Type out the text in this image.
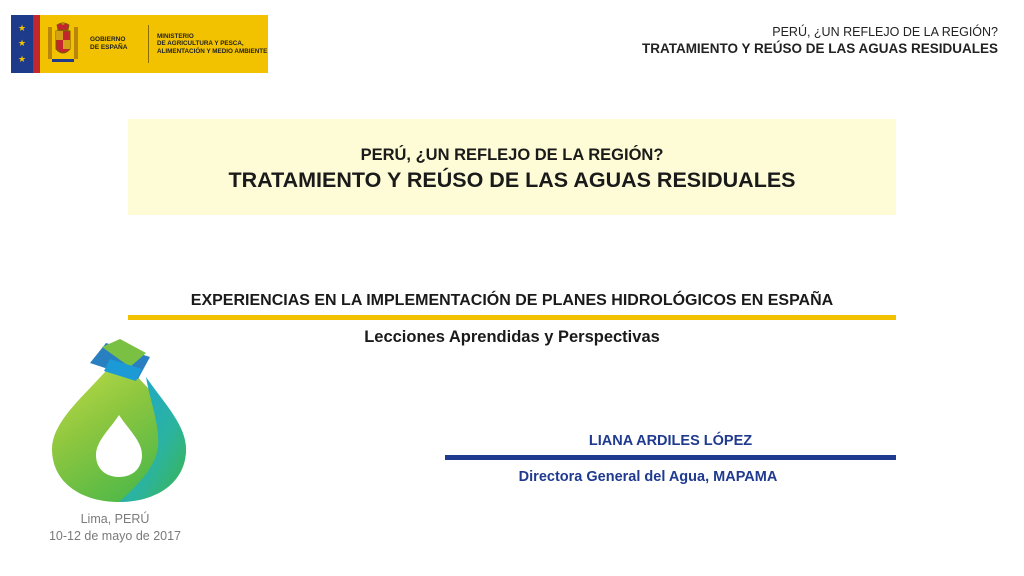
★
★
★
GOBIERNO
DE ESPAÑA
MINISTERIO
DE AGRICULTURA Y PESCA,
ALIMENTACIÓN Y MEDIO AMBIENTE
PERÚ, ¿UN REFLEJO DE LA REGIÓN?
TRATAMIENTO Y REÚSO DE LAS AGUAS RESIDUALES
PERÚ, ¿UN REFLEJO DE LA REGIÓN?
TRATAMIENTO Y REÚSO DE LAS AGUAS RESIDUALES
EXPERIENCIAS EN LA IMPLEMENTACIÓN DE PLANES HIDROLÓGICOS EN ESPAÑA
Lecciones Aprendidas y Perspectivas
Lima, PERÚ
10-12 de mayo de 2017
LIANA ARDILES LÓPEZ
Directora General del Agua, MAPAMA
